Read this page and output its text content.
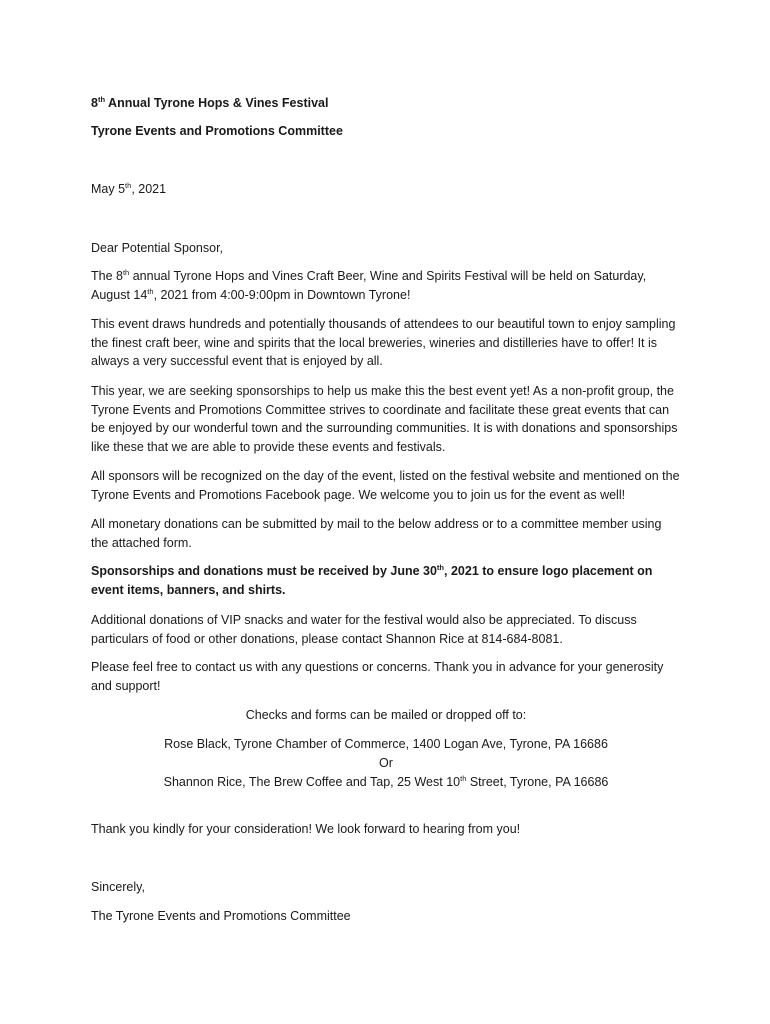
8th Annual Tyrone Hops & Vines Festival

Tyrone Events and Promotions Committee

May 5th, 2021

Dear Potential Sponsor,

The 8th annual Tyrone Hops and Vines Craft Beer, Wine and Spirits Festival will be held on Saturday, August 14th, 2021 from 4:00-9:00pm in Downtown Tyrone!

This event draws hundreds and potentially thousands of attendees to our beautiful town to enjoy sampling the finest craft beer, wine and spirits that the local breweries, wineries and distilleries have to offer! It is always a very successful event that is enjoyed by all.

This year, we are seeking sponsorships to help us make this the best event yet! As a non-profit group, the Tyrone Events and Promotions Committee strives to coordinate and facilitate these great events that can be enjoyed by our wonderful town and the surrounding communities. It is with donations and sponsorships like these that we are able to provide these events and festivals.

All sponsors will be recognized on the day of the event, listed on the festival website and mentioned on the Tyrone Events and Promotions Facebook page. We welcome you to join us for the event as well!

All monetary donations can be submitted by mail to the below address or to a committee member using the attached form.

Sponsorships and donations must be received by June 30th, 2021 to ensure logo placement on event items, banners, and shirts.

Additional donations of VIP snacks and water for the festival would also be appreciated. To discuss particulars of food or other donations, please contact Shannon Rice at 814-684-8081.

Please feel free to contact us with any questions or concerns. Thank you in advance for your generosity and support!

Checks and forms can be mailed or dropped off to:

Rose Black, Tyrone Chamber of Commerce, 1400 Logan Ave, Tyrone, PA 16686

Or

Shannon Rice, The Brew Coffee and Tap, 25 West 10th Street, Tyrone, PA 16686

Thank you kindly for your consideration! We look forward to hearing from you!

Sincerely,

The Tyrone Events and Promotions Committee
